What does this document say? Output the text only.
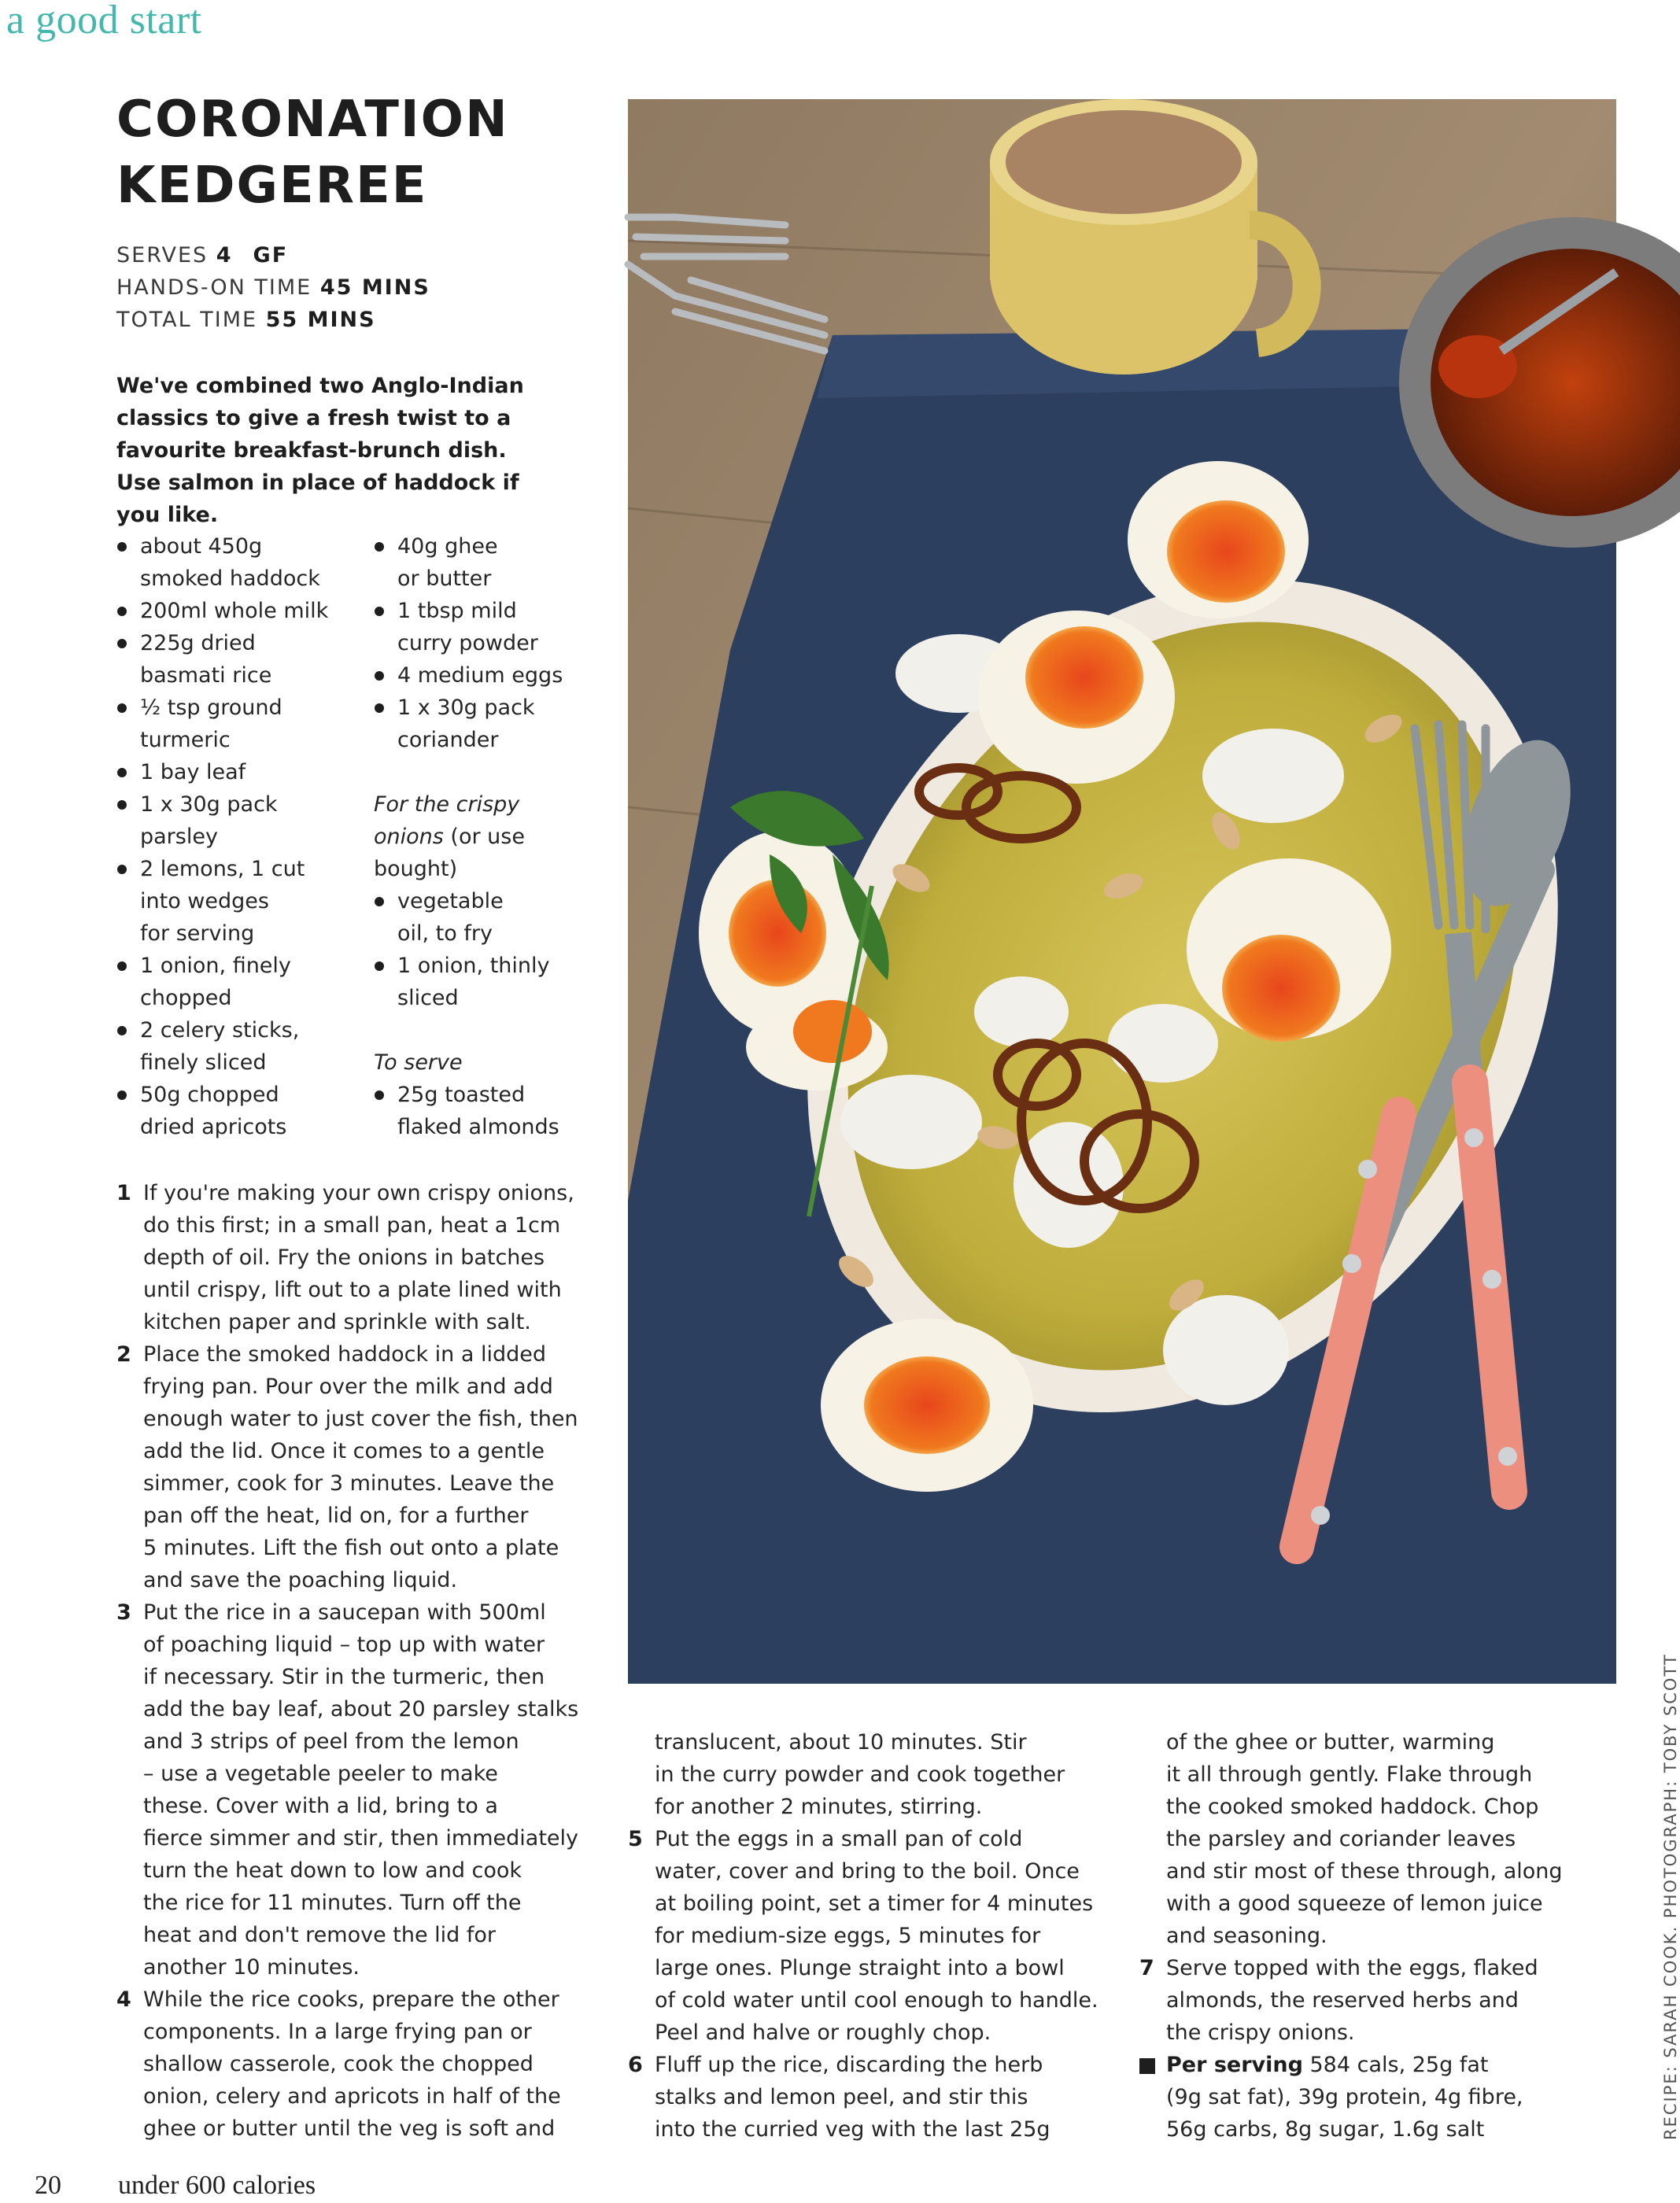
a good start
CORONATION
KEDGEREE
SERVES 4 GF
HANDS-ON TIME 45 MINS
TOTAL TIME 55 MINS

We've combined two Anglo-Indian classics to give a fresh twist to a favourite breakfast-brunch dish. Use salmon in place of haddock if you like.

about 450g
smoked haddock
200ml whole milk
225g dried
basmati rice
½ tsp ground
turmeric
1 bay leaf
1 x 30g pack
parsley
2 lemons, 1 cut
into wedges
for serving
1 onion, finely
chopped
2 celery sticks,
finely sliced
50g chopped
dried apricots
40g ghee
or butter
1 tbsp mild
curry powder
4 medium eggs
1 x 30g pack
coriander
For the crispy
onions (or use
bought)
vegetable
oil, to fry
1 onion, thinly
sliced
To serve
25g toasted
flaked almonds
1 If you're making your own crispy onions,
do this first; in a small pan, heat a 1cm
depth of oil. Fry the onions in batches
until crispy, lift out to a plate lined with
kitchen paper and sprinkle with salt.
2 Place the smoked haddock in a lidded
frying pan. Pour over the milk and add
enough water to just cover the fish, then
add the lid. Once it comes to a gentle
simmer, cook for 3 minutes. Leave the
pan off the heat, lid on, for a further
5 minutes. Lift the fish out onto a plate
and save the poaching liquid.
3 Put the rice in a saucepan with 500ml
of poaching liquid – top up with water
if necessary. Stir in the turmeric, then
add the bay leaf, about 20 parsley stalks
and 3 strips of peel from the lemon
– use a vegetable peeler to make
these. Cover with a lid, bring to a
fierce simmer and stir, then immediately
turn the heat down to low and cook
the rice for 11 minutes. Turn off the
heat and don't remove the lid for
another 10 minutes.
4 While the rice cooks, prepare the other
components. In a large frying pan or
shallow casserole, cook the chopped
onion, celery and apricots in half of the
ghee or butter until the veg is soft and
translucent, about 10 minutes. Stir
in the curry powder and cook together
for another 2 minutes, stirring.
5 Put the eggs in a small pan of cold
water, cover and bring to the boil. Once
at boiling point, set a timer for 4 minutes
for medium-size eggs, 5 minutes for
large ones. Plunge straight into a bowl
of cold water until cool enough to handle.
Peel and halve or roughly chop.
6 Fluff up the rice, discarding the herb
stalks and lemon peel, and stir this
into the curried veg with the last 25g
of the ghee or butter, warming
it all through gently. Flake through
the cooked smoked haddock. Chop
the parsley and coriander leaves
and stir most of these through, along
with a good squeeze of lemon juice
and seasoning.
7 Serve topped with the eggs, flaked
almonds, the reserved herbs and
the crispy onions.
Per serving 584 cals, 25g fat
(9g sat fat), 39g protein, 4g fibre,
56g carbs, 8g sugar, 1.6g salt	RECIPE: SARAH COOK. PHOTOGRAPH: TOBY SCOTT
20 under 600 calories
